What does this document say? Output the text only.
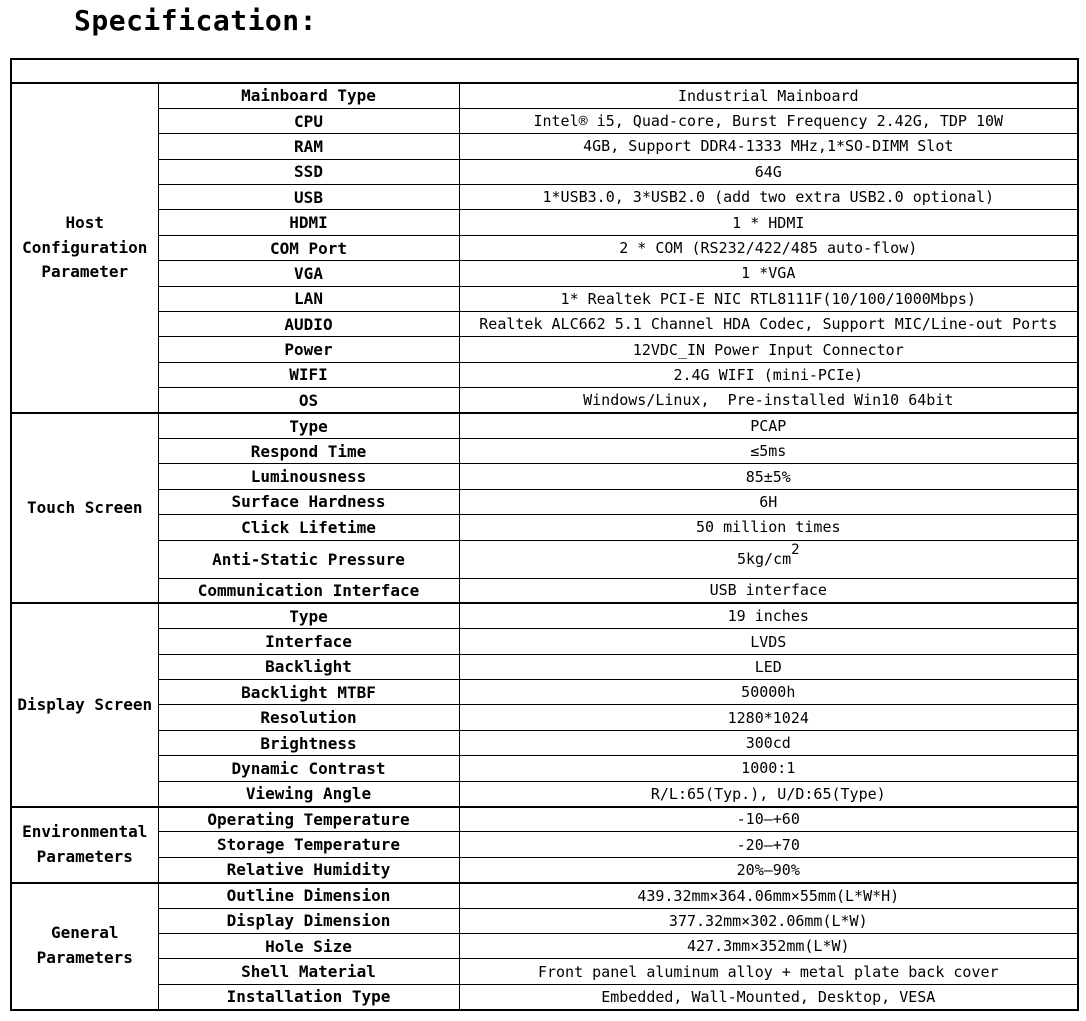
Specification:

Host Configuration Parameter	Mainboard Type	Industrial Mainboard
	CPU	Intel® i5, Quad-core, Burst Frequency 2.42G, TDP 10W
	RAM	4GB, Support DDR4-1333 MHz,1*SO-DIMM Slot
	SSD	64G
	USB	1*USB3.0, 3*USB2.0 (add two extra USB2.0 optional)
	HDMI	1 * HDMI
	COM Port	2 * COM (RS232/422/485 auto-flow)
	VGA	1 *VGA
	LAN	1* Realtek PCI-E NIC RTL8111F(10/100/1000Mbps)
	AUDIO	Realtek ALC662 5.1 Channel HDA Codec, Support MIC/Line-out Ports
	Power	12VDC_IN Power Input Connector
	WIFI	2.4G WIFI (mini-PCIe)
	OS	Windows/Linux,  Pre-installed Win10 64bit
Touch Screen	Type	PCAP
	Respond Time	≤5ms
	Luminousness	85±5%
	Surface Hardness	6H
	Click Lifetime	50 million times
	Anti-Static Pressure	$5kg/cm^2$
	Communication Interface	USB interface
Display Screen	Type	19 inches
	Interface	LVDS
	Backlight	LED
	Backlight MTBF	50000h
	Resolution	1280*1024
	Brightness	300cd
	Dynamic Contrast	1000:1
	Viewing Angle	R/L:65(Typ.), U/D:65(Type)
Environmental Parameters	Operating Temperature	-10—+60
	Storage Temperature	-20—+70
	Relative Humidity	20%—90%
General Parameters	Outline Dimension	439.32mm×364.06mm×55mm(L*W*H)
	Display Dimension	377.32mm×302.06mm(L*W)
	Hole Size	427.3mm×352mm(L*W)
	Shell Material	Front panel aluminum alloy + metal plate back cover
	Installation Type	Embedded, Wall-Mounted, Desktop, VESA
